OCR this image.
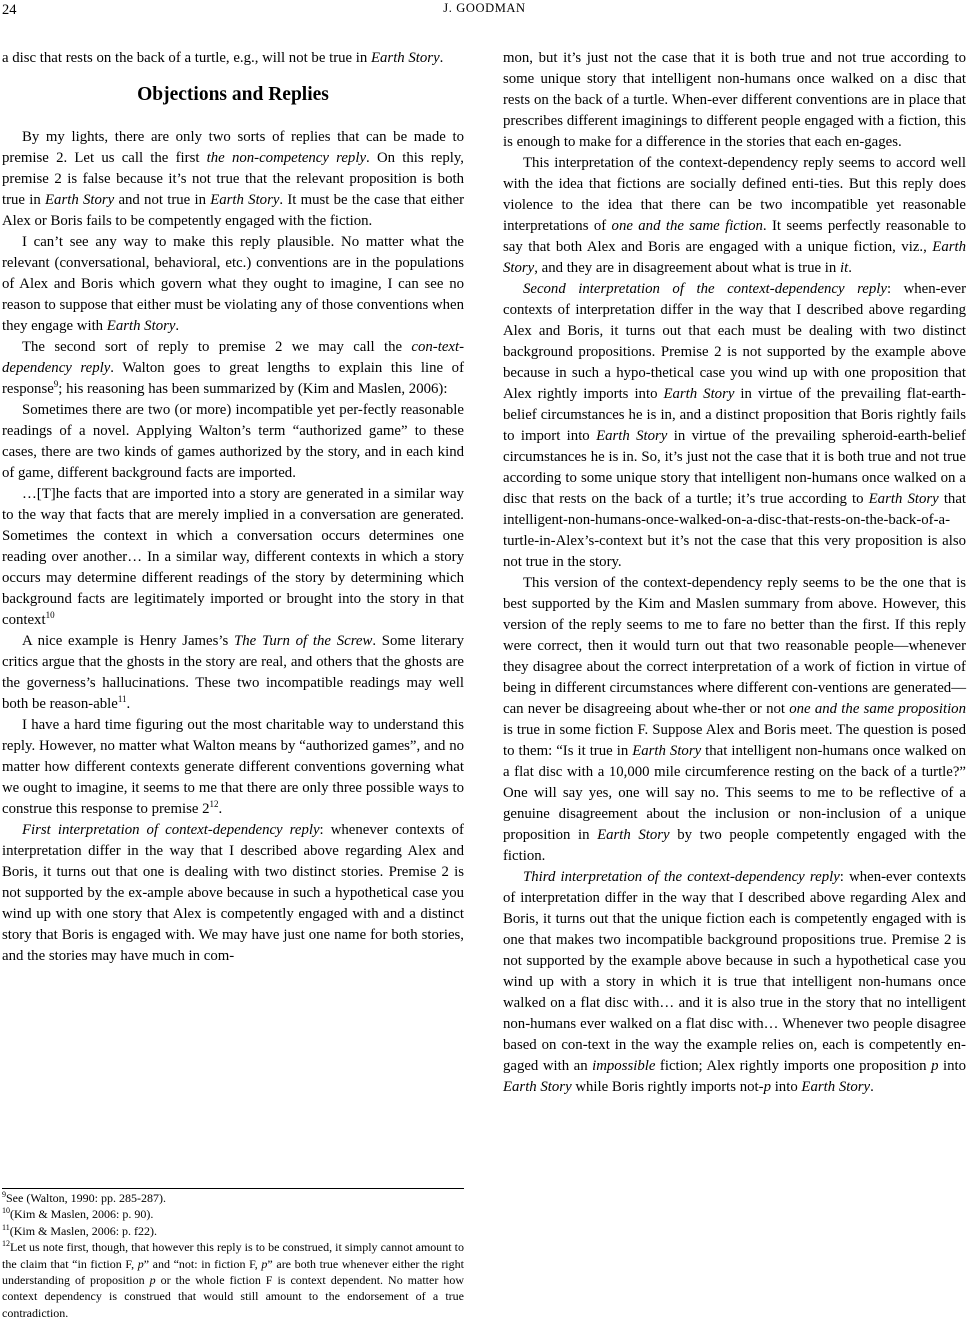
24	J. GOODMAN

a disc that rests on the back of a turtle, e.g., will not be true in Earth Story.

Objections and Replies

By my lights, there are only two sorts of replies that can be made to premise 2. Let us call the first the non-competency reply. On this reply, premise 2 is false because it’s not true that the relevant proposition is both true in Earth Story and not true in Earth Story. It must be the case that either Alex or Boris fails to be competently engaged with the fiction.

I can’t see any way to make this reply plausible. No matter what the relevant (conversational, behavioral, etc.) conventions are in the populations of Alex and Boris which govern what they ought to imagine, I can see no reason to suppose that either must be violating any of those conventions when they engage with Earth Story.

The second sort of reply to premise 2 we may call the con-text-dependency reply. Walton goes to great lengths to explain this line of response$^9$; his reasoning has been summarized by (Kim and Maslen, 2006):

Sometimes there are two (or more) incompatible yet per-fectly reasonable readings of a novel. Applying Walton’s term “authorized game” to these cases, there are two kinds of games authorized by the story, and in each kind of game, different background facts are imported.

…[T]he facts that are imported into a story are generated in a similar way to the way that facts that are merely implied in a conversation are generated. Sometimes the context in which a conversation occurs determines one reading over another… In a similar way, different contexts in which a story occurs may determine different readings of the story by determining which background facts are legitimately imported or brought into the story in that context$^{10}$

A nice example is Henry James’s The Turn of the Screw. Some literary critics argue that the ghosts in the story are real, and others that the ghosts are the governess’s hallucinations. These two incompatible readings may well both be reason-able$^{11}$.

I have a hard time figuring out the most charitable way to understand this reply. However, no matter what Walton means by “authorized games”, and no matter how different contexts generate different conventions governing what we ought to imagine, it seems to me that there are only three possible ways to construe this response to premise $2^{12}$.

First interpretation of context-dependency reply: whenever contexts of interpretation differ in the way that I described above regarding Alex and Boris, it turns out that one is dealing with two distinct stories. Premise 2 is not supported by the ex-ample above because in such a hypothetical case you wind up with one story that Alex is competently engaged with and a distinct story that Boris is engaged with. We may have just one name for both stories, and the stories may have much in com-

$^9$See (Walton, 1990: pp. 285-287).
$^{10}$(Kim & Maslen, 2006: p. 90).
$^{11}$(Kim & Maslen, 2006: p. f22).
$^{12}$Let us note first, though, that however this reply is to be construed, it simply cannot amount to the claim that “in fiction F, p” and “not: in fiction F, p” are both true whenever either the right understanding of proposition p or the whole fiction F is context dependent. No matter how context dependency is construed that would still amount to the endorsement of a true contradiction.

mon, but it’s just not the case that it is both true and not true according to some unique story that intelligent non-humans once walked on a disc that rests on the back of a turtle. When-ever different conventions are in place that prescribes different imaginings to different people engaged with a fiction, this is enough to make for a difference in the stories that each en-gages.

This interpretation of the context-dependency reply seems to accord well with the idea that fictions are socially defined enti-ties. But this reply does violence to the idea that there can be two incompatible yet reasonable interpretations of one and the same fiction. It seems perfectly reasonable to say that both Alex and Boris are engaged with a unique fiction, viz., Earth Story, and they are in disagreement about what is true in it.

Second interpretation of the context-dependency reply: when-ever contexts of interpretation differ in the way that I described above regarding Alex and Boris, it turns out that each must be dealing with two distinct background propositions. Premise 2 is not supported by the example above because in such a hypo-thetical case you wind up with one proposition that Alex rightly imports into Earth Story in virtue of the prevailing flat-earth-belief circumstances he is in, and a distinct proposition that Boris rightly fails to import into Earth Story in virtue of the prevailing spheroid-earth-belief circumstances he is in. So, it’s just not the case that it is both true and not true according to some unique story that intelligent non-humans once walked on a disc that rests on the back of a turtle; it’s true according to Earth Story that intelligent-non-humans-once-walked-on-a-disc-that-rests-on-the-back-of-a-turtle-in-Alex’s-context but it’s not the case that this very proposition is also not true in the story.

This version of the context-dependency reply seems to be the one that is best supported by the Kim and Maslen summary from above. However, this version of the reply seems to me to fare no better than the first. If this reply were correct, then it would turn out that two reasonable people—whenever they disagree about the correct interpretation of a work of fiction in virtue of being in different circumstances where different con-ventions are generated—can never be disagreeing about whe-ther or not one and the same proposition is true in some fiction F. Suppose Alex and Boris meet. The question is posed to them: “Is it true in Earth Story that intelligent non-humans once walked on a flat disc with a 10,000 mile circumference resting on the back of a turtle?” One will say yes, one will say no. This seems to me to be reflective of a genuine disagreement about the inclusion or non-inclusion of a unique proposition in Earth Story by two people competently engaged with the fiction.

Third interpretation of the context-dependency reply: when-ever contexts of interpretation differ in the way that I described above regarding Alex and Boris, it turns out that the unique fiction each is competently engaged with is one that makes two incompatible background propositions true. Premise 2 is not supported by the example above because in such a hypothetical case you wind up with a story in which it is true that intelligent non-humans once walked on a flat disc with… and it is also true in the story that no intelligent non-humans ever walked on a flat disc with… Whenever two people disagree based on con-text in the way the example relies on, each is competently en-gaged with an impossible fiction; Alex rightly imports one proposition p into Earth Story while Boris rightly imports not-p into Earth Story.
